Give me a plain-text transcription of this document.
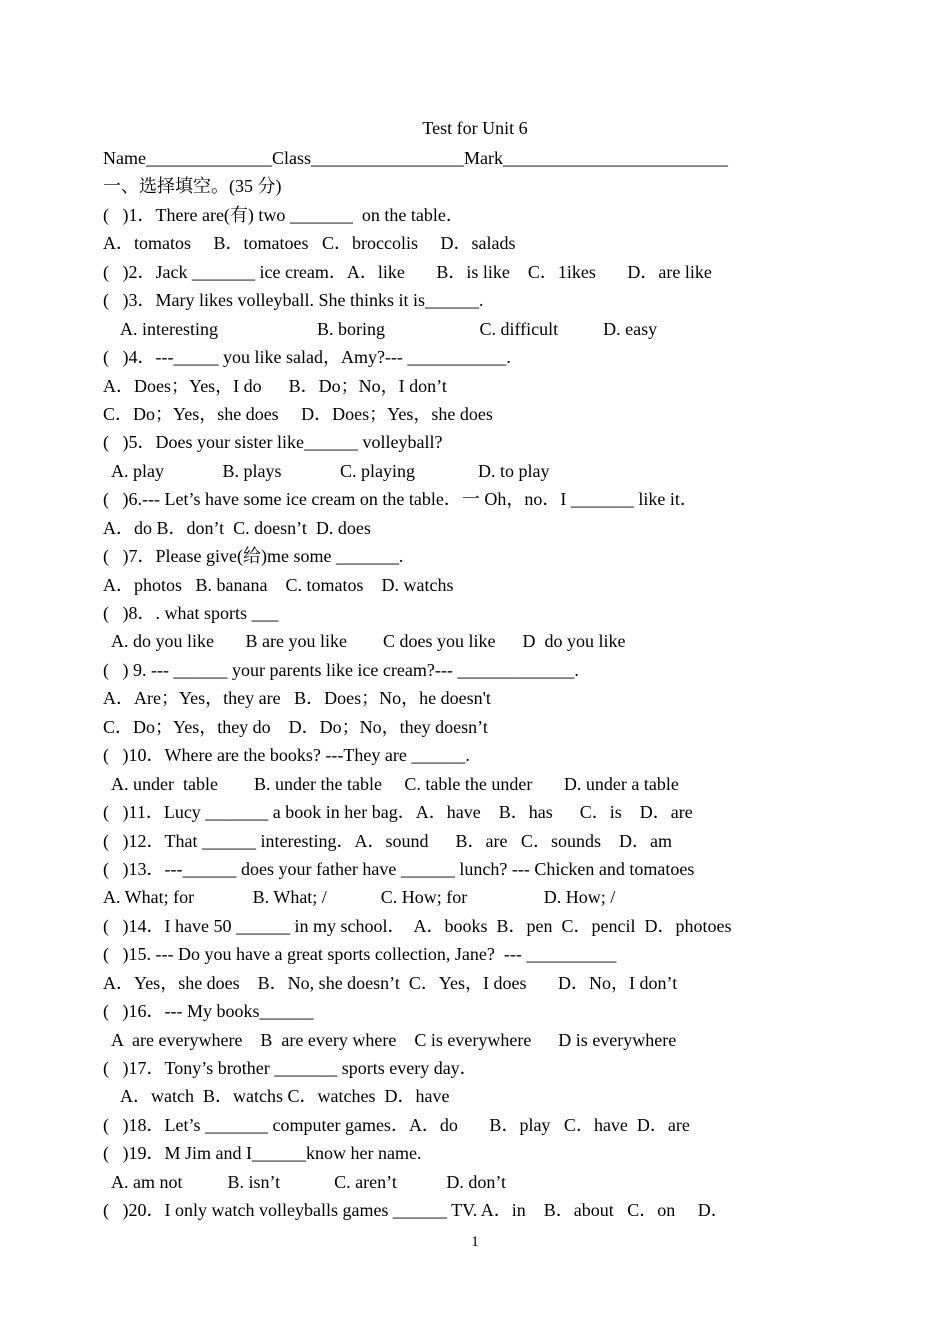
Test for Unit 6
Name______________Class_________________Mark_________________________
一、选择填空。(35 分)
(   )1．There are(有) two _______  on the table．
A．tomatos     B．tomatoes   C．broccolis     D．salads
(   )2．Jack _______ ice cream．A．like       B．is like    C．1ikes       D．are like
(   )3．Mary likes volleyball. She thinks it is______.
A. interesting                      B. boring                     C. difficult          D. easy
(   )4．---_____ you like salad，Amy?--- ___________.
A．Does；Yes，I do      B．Do；No，I don’t
C．Do；Yes，she does     D．Does；Yes，she does
(   )5．Does your sister like______ volleyball?
A. play             B. plays             C. playing              D. to play
(   )6.--- Let’s have some ice cream on the table．一 Oh，no．I _______ like it．
A．do B．don’t  C. doesn’t  D. does
(   )7．Please give(给)me some _______.
A．photos   B. banana    C. tomatos    D. watchs
(   )8．. what sports ___
A. do you like       B are you like        C does you like      D  do you like
(   ) 9. --- ______ your parents like ice cream?--- _____________.
A．Are；Yes，they are   B．Does；No，he doesn't
C．Do；Yes，they do    D．Do；No，they doesn’t
(   )10．Where are the books? ---They are ______.
A. under  table        B. under the table     C. table the under       D. under a table
(   )11．Lucy _______ a book in her bag．A．have    B．has      C．is    D．are
(   )12．That ______ interesting．A．sound      B．are   C．sounds    D．am
(   )13．---______ does your father have ______ lunch? --- Chicken and tomatoes
A. What; for             B. What; /            C. How; for                 D. How; /
(   )14．I have 50 ______ in my school．  A．books  B．pen  C．pencil  D．photoes
(   )15. --- Do you have a great sports collection, Jane?  --- __________
A．Yes，she does    B．No, she doesn’t  C．Yes，I does       D．No，I don’t
(   )16．--- My books______
A  are everywhere    B  are every where    C is everywhere      D is everywhere
(   )17．Tony’s brother _______ sports every day．
A．watch  B．watchs C．watches  D．have
(   )18．Let’s _______ computer games．A．do       B．play   C．have  D．are
(   )19．M Jim and I______know her name.
A. am not          B. isn’t            C. aren’t           D. don’t
(   )20．I only watch volleyballs games ______ TV. A．in    B．about   C．on     D．
1
